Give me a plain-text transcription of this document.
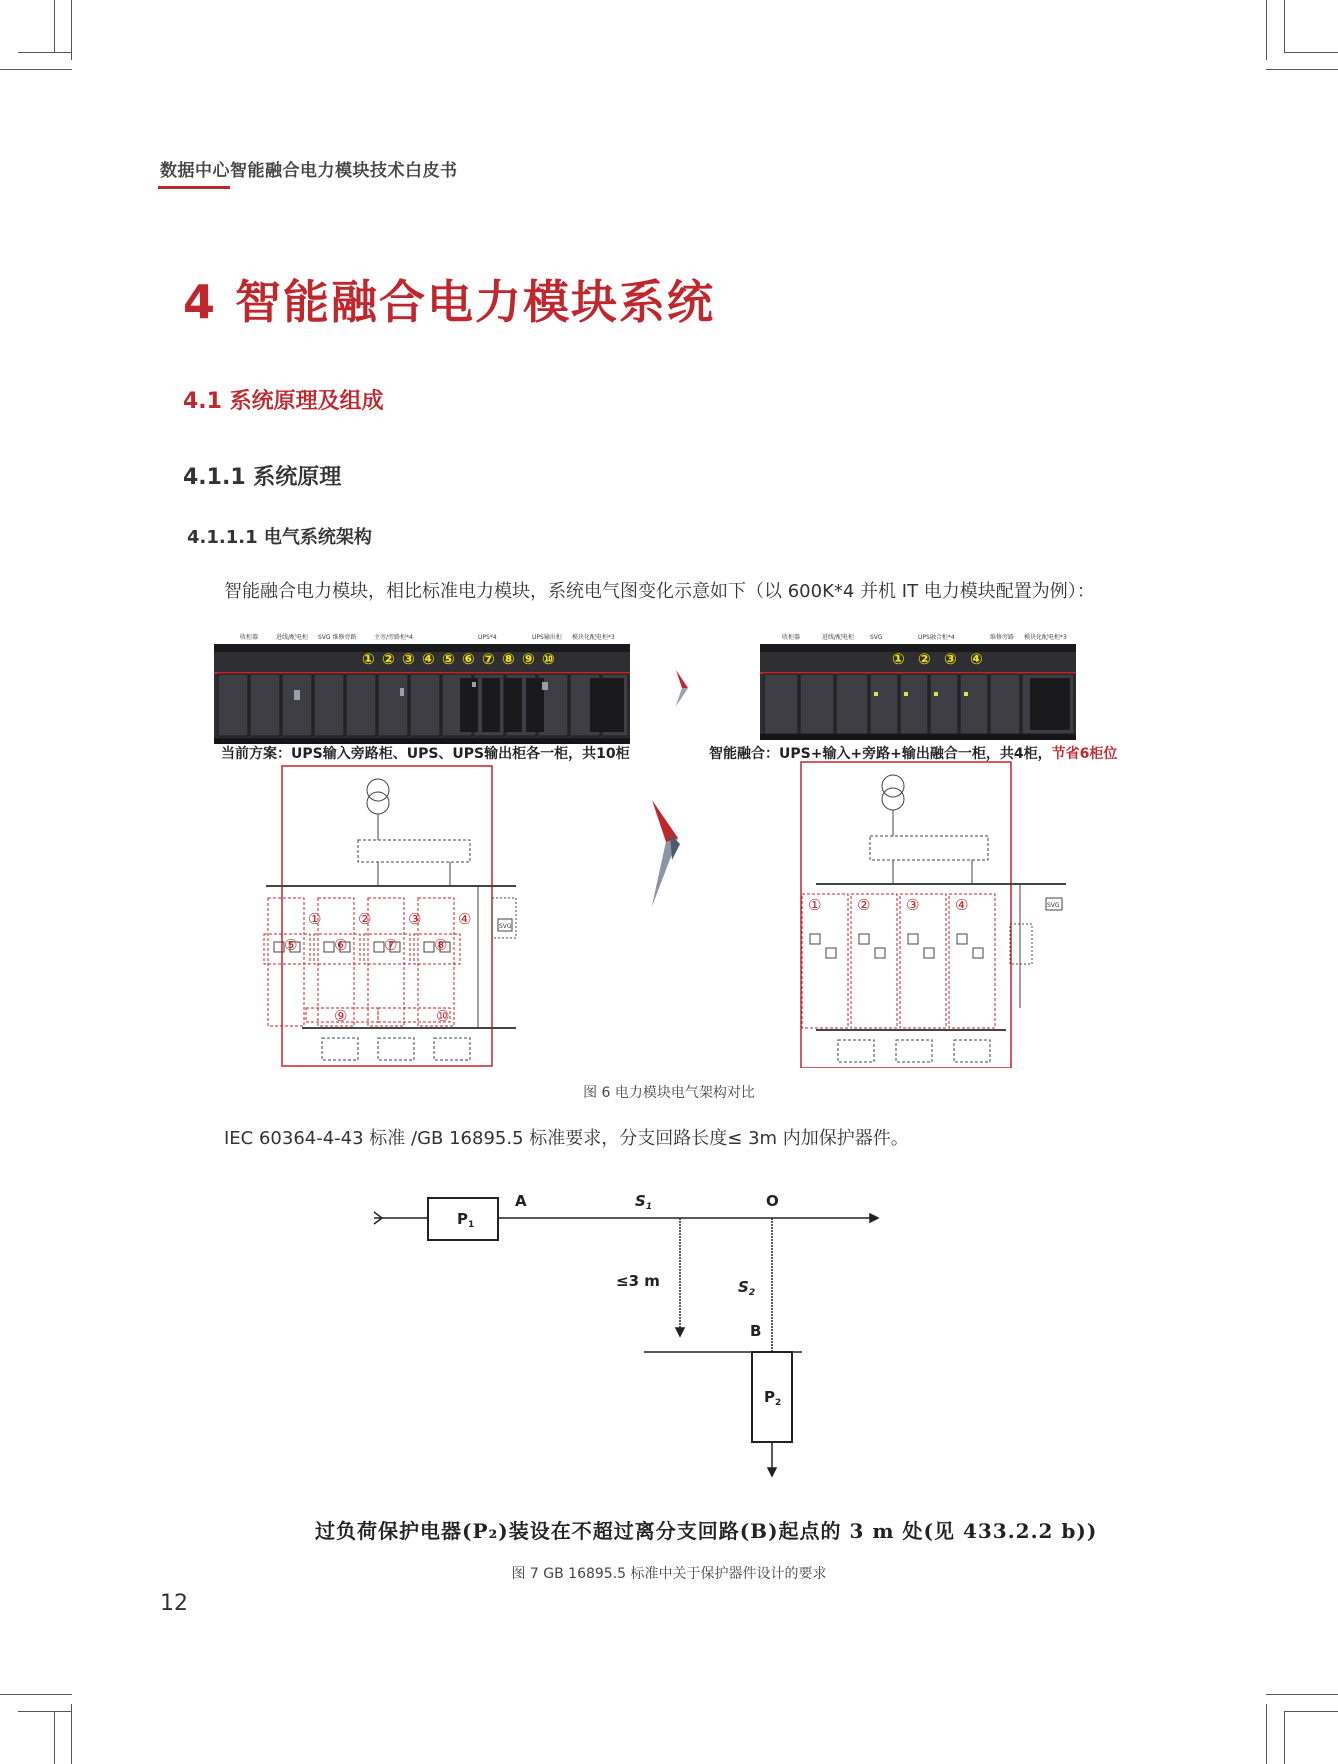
数据中心智能融合电力模块技术白皮书
4 智能融合电力模块系统
4.1 系统原理及组成
4.1.1 系统原理
4.1.1.1 电气系统架构
智能融合电力模块，相比标准电力模块，系统电气图变化示意如下（以 600K*4 并机 IT 电力模块配置为例）：
收柜器	进线/配电柜 SVG 维修旁路	主旁/旁路柜*4	UPS*4	UPS输出柜 模块化配电柜*3
① ② ③ ④ ⑤ ⑥ ⑦ ⑧ ⑨ ⑩
收柜器	进线/配电柜	SVG	UPS融合柜*4	维修旁路 模块化配电柜*3
① ② ③ ④
① ② ③ ④
⑤ ⑥ ⑦ ⑧
⑨	⑩
SVG
① ② ③ ④	SVG
当前方案：UPS输入旁路柜、UPS、UPS输出柜各一柜，共10柜	智能融合：UPS+输入+旁路+输出融合一柜，共4柜，节省6柜位
图 6 电力模块电气架构对比
IEC 60364-4-43 标准 /GB 16895.5 标准要求，分支回路长度≤ 3m 内加保护器件。
$P_1$
A	$S_1$	O
≤3 m	$S_2$
B
$P_2$
过负荷保护电器(P₂)装设在不超过离分支回路(B)起点的 3 m 处(见 433.2.2 b))
图 7 GB 16895.5 标准中关于保护器件设计的要求
12
